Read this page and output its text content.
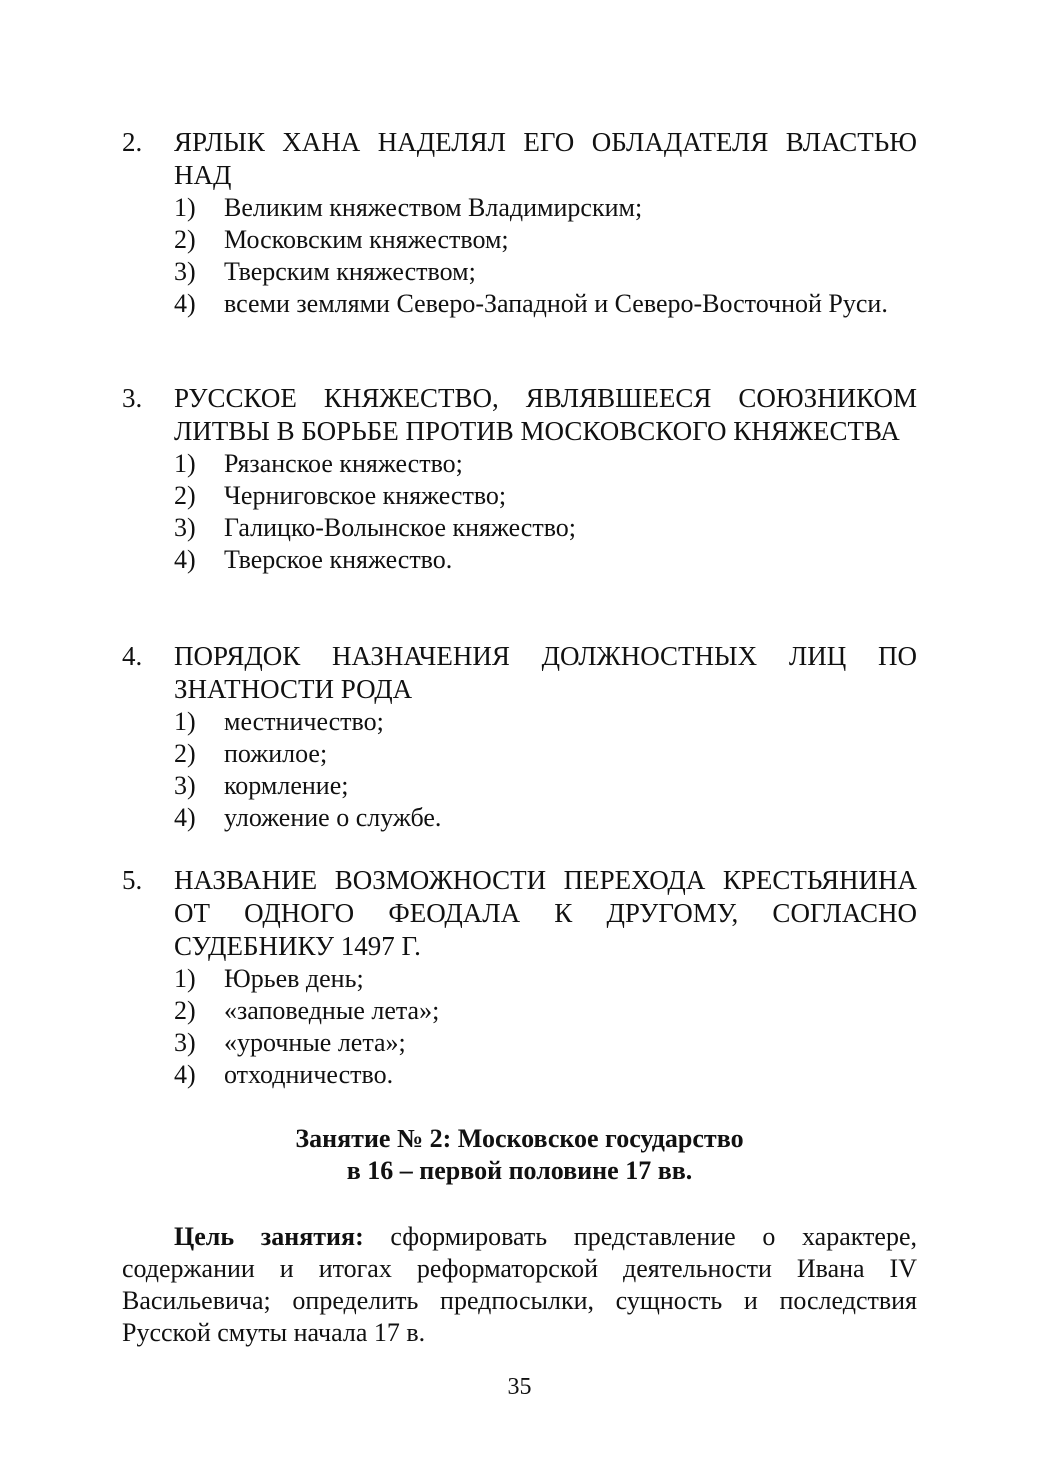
2.	ЯРЛЫК ХАНА НАДЕЛЯЛ ЕГО ОБЛАДАТЕЛЯ ВЛАСТЬЮ НАД
1)	Великим княжеством Владимирским;
2)	Московским княжеством;
3)	Тверским княжеством;
4)	всеми землями Северо-Западной и Северо-Восточной Руси.
3.	РУССКОЕ КНЯЖЕСТВО, ЯВЛЯВШЕЕСЯ СОЮЗНИКОМ ЛИТВЫ В БОРЬБЕ ПРОТИВ МОСКОВСКОГО КНЯЖЕСТВА
1)	Рязанское княжество;
2)	Черниговское княжество;
3)	Галицко-Волынское княжество;
4)	Тверское княжество.
4.	ПОРЯДОК НАЗНАЧЕНИЯ ДОЛЖНОСТНЫХ ЛИЦ ПО ЗНАТНОСТИ РОДА
1)	местничество;
2)	пожилое;
3)	кормление;
4)	уложение о службе.
5.	НАЗВАНИЕ ВОЗМОЖНОСТИ ПЕРЕХОДА КРЕСТЬЯНИНА ОТ ОДНОГО ФЕОДАЛА К ДРУГОМУ, СОГЛАСНО СУДЕБНИКУ 1497 Г.
1)	Юрьев день;
2)	«заповедные лета»;
3)	«урочные лета»;
4)	отходничество.
Занятие № 2: Московское государство
в 16 – первой половине 17 вв.

Цель занятия: сформировать представление о характере, содержании и итогах реформаторской деятельности Ивана IV Васильевича; определить предпосылки, сущность и последствия Русской смуты начала 17 в.

35
